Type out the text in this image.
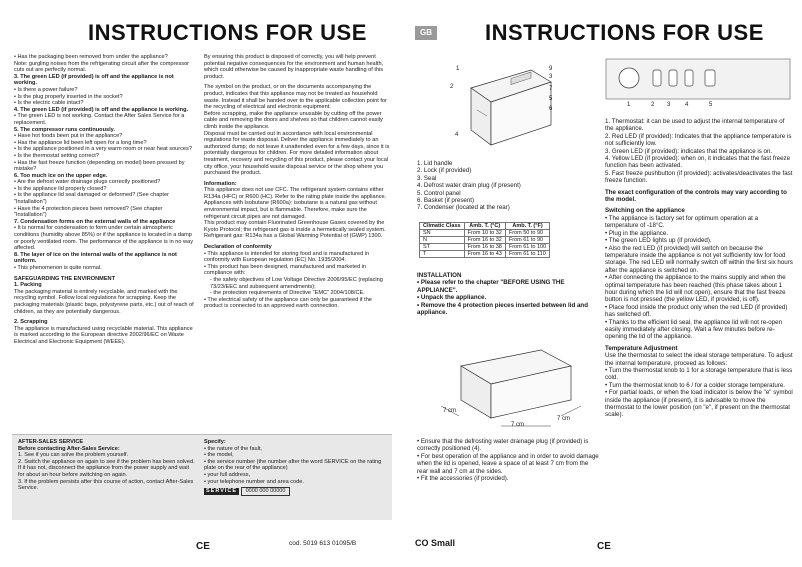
INSTRUCTIONS FOR USE

• Has the packaging been removed from under the appliance?

Note: gurgling noises from the refrigerating circuit after the compressor cuts out are perfectly normal.

3. The green LED (if provided) is off and the appliance is not working.

• Is there a power failure?

• Is the plug properly inserted in the socket?

• Is the electric cable intact?

4. The green LED (if provided) is off and the appliance is working.

• The green LED is not working. Contact the After Sales Service for a replacement.

5. The compressor runs continuously.

• Have hot foods been put in the appliance?

• Has the appliance lid been left open for a long time?

• Is the appliance positioned in a very warm room or near heat sources?

• Is the thermostat setting correct?

• Has the fast freeze function (depending on model) been pressed by mistake?

6. Too much ice on the upper edge.

• Are the defrost water drainage plugs correctly positioned?

• Is the appliance lid properly closed?

• Is the appliance lid seal damaged or deformed? (See chapter "Installation")

• Have the 4 protection pieces been removed? (See chapter "Installation")

7. Condensation forms on the external walls of the appliance

• It is normal for condensation to form under certain atmospheric conditions (humidity above 85%) or if the appliance is located in a damp or poorly ventilated room. The performance of the appliance is in no way affected.

8. The layer of ice on the internal walls of the appliance is not uniform.

• This phenomenon is quite normal.

SAFEGUARDING THE ENVIRONMENT

1. Packing

The packaging material is entirely recyclable, and marked with the recycling symbol. Follow local regulations for scrapping. Keep the packaging materials (plastic bags, polystyrene parts, etc.) out of reach of children, as they are potentially dangerous.

2. Scrapping

The appliance is manufactured using recyclable material. This appliance is marked according to the European directive 2002/96/EC on Waste Electrical and Electronic Equipment (WEEE).

By ensuring this product is disposed of correctly, you will help prevent potential negative consequences for the environment and human health, which could otherwise be caused by inappropriate waste handling of this product.

The symbol on the product, or on the documents accompanying the product, indicates that this appliance may not be treated as household waste. Instead it shall be handed over to the applicable collection point for the recycling of electrical and electronic equipment.

Before scrapping, make the appliance unusable by cutting off the power cable and removing the doors and shelves so that children cannot easily climb inside the appliance.

Disposal must be carried out in accordance with local environmental regulations for waste disposal. Deliver the appliance immediately to an authorized dump; do not leave it unattended even for a few days, since it is potentially dangerous for children. For more detailed information about treatment, recovery and recycling of this product, please contact your local city office, your household waste disposal service or the shop where you purchased the product.

Information:

This appliance does not use CFC. The refrigerant system contains either R134a (HFC) or R600 (HC). Refer to the rating plate inside the appliance.

Appliances with Isobutane (R600a): isobutane is a natural gas without environmental impact, but is flammable. Therefore, make sure the refrigerant circuit pipes are not damaged.

This product may contain Fluorinated Greenhouse Gases covered by the Kyoto Protocol; the refrigerant gas is inside a hermetically sealed system.

Refrigerant gas: R134a has a Global Warming Potential of (GWP) 1300.

Declaration of conformity

• This appliance is intended for storing food and is manufactured in conformity with European regulation (EC) No. 1935/2004.

• This product has been designed, manufactured and marketed in compliance with:

- the safety objectives of Low Voltage Directive 2006/95/EC (replacing 73/23/EEC and subsequent amendments);

- the protection requirements of Directive "EMC" 2004/108/CE.

• The electrical safety of the appliance can only be guaranteed if the product is connected to an approved earth connection.

AFTER-SALES SERVICE

Before contacting After-Sales Service:

1. See if you can solve the problem yourself.

2. Switch the appliance on again to see if the problem has been solved. If it has not, disconnect the appliance from the power supply and wait for about an hour before switching on again.

3. If the problem persists after this course of action, contact After-Sales Service.

Specify:

• the nature of the fault,

• the model,

• the service number (the number after the word SERVICE on the rating plate on the rear of the appliance)

• your full address,

• your telephone number and area code.

SERVICE 0000 000 00000

cod. 5019 613 01095/B
CE
GB INSTRUCTIONS FOR USE
1
2
3
4
5
6
7
9
1	2 3 4	5

1. Lid handle

2. Lock (if provided)

3. Seal

4. Defrost water drain plug (if present)

5. Control panel

6. Basket (if present)

7. Condenser (located at the rear)

Climatic Class	Amb. T. (°C)	Amb. T. (°F)
SN	From 10 to 32	From 50 to 90
N	From 16 to 32	From 61 to 90
ST	From 16 to 38	From 61 to 100
T	From 16 to 43	From 61 to 110

INSTALLATION

• Please refer to the chapter "BEFORE USING THE APPLIANCE".

• Unpack the appliance.

• Remove the 4 protection pieces inserted between lid and appliance.

7 cm
7 cm
7 cm

• Ensure that the defrosting water drainage plug (if provided) is correctly positioned (4).

• For best operation of the appliance and in order to avoid damage when the lid is opened, leave a space of at least 7 cm from the rear wall and 7 cm at the sides.

• Fit the accessories (if provided).

1. Thermostat: it can be used to adjust the internal temperature of the appliance.

2. Red LED (if provided): Indicates that the appliance temperature is not sufficiently low.

3. Green LED (if provided): indicates that the appliance is on.

4. Yellow LED (if provided): when on, it indicates that the fast freeze function has been activated.

5. Fast freeze pushbutton (if provided): activates/deactivates the fast freeze function.

The exact configuration of the controls may vary according to the model.

Switching on the appliance

• The appliance is factory set for optimum operation at a temperature of -18°C.

• Plug in the appliance.

• The green LED lights up (if provided).

• Also the red LED (if provided) will switch on because the temperature inside the appliance is not yet sufficiently low for food storage. The red LED will normally switch off within the first six hours after the appliance is switched on.

• After connecting the appliance to the mains supply and when the optimal temperature has been reached (this phase takes about 1 hour during which the lid will not open), ensure that the fast freeze button is not pressed (the yellow LED, if provided, is off).

• Place food inside the product only when the red LED (if provided) has switched off.

• Thanks to the efficient lid seal, the appliance lid will not re-open easily immediately after closing. Wait a few minutes before re-opening the lid of the appliance.

Temperature Adjustment

Use the thermostat to select the ideal storage temperature. To adjust the internal temperature, proceed as follows:

• Turn the thermostat knob to 1 for a storage temperature that is less cold.

• Turn the thermostat knob to 6 / for a colder storage temperature.

• For partial loads, or when the load indicator is below the "e" symbol inside the appliance (if present), it is advisable to move the thermostat to the lower position (on "e", if present on the thermostat scale).

CO Small	CE
